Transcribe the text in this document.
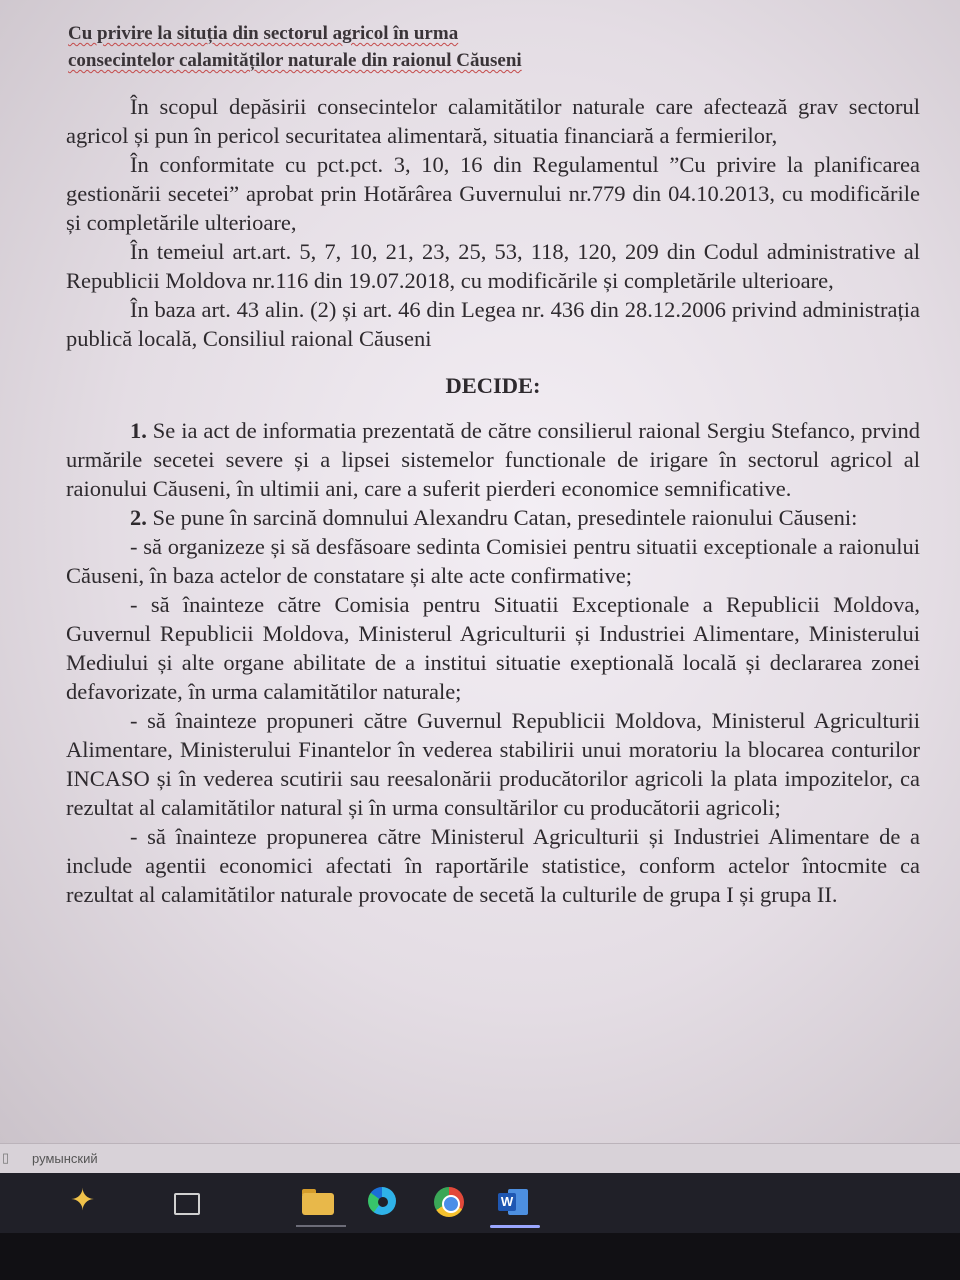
Cu privire la situția din sectorul agricol în urma
consecintelor calamităților naturale din raionul Căuseni

În scopul depăsirii consecintelor calamitătilor naturale care afectează grav sectorul agricol și pun în pericol securitatea alimentară, situatia financiară a fermierilor,

În conformitate cu pct.pct. 3, 10, 16 din Regulamentul ”Cu privire la planificarea gestionării secetei” aprobat prin Hotărârea Guvernului nr.779 din 04.10.2013, cu modificările și completările ulterioare,

În temeiul art.art. 5, 7, 10, 21, 23, 25, 53, 118, 120, 209 din Codul administrative al Republicii Moldova nr.116 din 19.07.2018, cu modificările și completările ulterioare,

În baza art. 43 alin. (2) și art. 46 din Legea nr. 436 din 28.12.2006 privind administrația publică locală, Consiliul raional Căuseni

DECIDE:

1. Se ia act de informatia prezentată de către consilierul raional Sergiu Stefanco, prvind urmările secetei severe și a lipsei sistemelor functionale de irigare în sectorul agricol al raionului Căuseni, în ultimii ani, care a suferit pierderi economice semnificative.

2. Se pune în sarcină domnului Alexandru Catan, presedintele raionului Căuseni:

- să organizeze și să desfăsoare sedinta Comisiei pentru situatii exceptionale a raionului Căuseni, în baza actelor de constatare și alte acte confirmative;

- să înainteze către Comisia pentru Situatii Exceptionale a Republicii Moldova, Guvernul Republicii Moldova, Ministerul Agriculturii și Industriei Alimentare, Ministerului Mediului și alte organe abilitate de a institui situatie exeptională locală și declararea zonei defavorizate, în urma calamitătilor naturale;

- să înainteze propuneri către Guvernul Republicii Moldova, Ministerul Agriculturii Alimentare, Ministerului Finantelor în vederea stabilirii unui moratoriu la blocarea conturilor INCASO și în vederea scutirii sau reesalonării producătorilor agricoli la plata impozitelor, ca rezultat al calamitătilor natural și în urma consultărilor cu producătorii agricoli;

- să înainteze propunerea către Ministerul Agriculturii și Industriei Alimentare de a include agentii economici afectati în raportările statistice, conform actelor întocmite ca rezultat al calamitătilor naturale provocate de secetă la culturile de grupa I și grupa II.

▯ румынский
✦	W
